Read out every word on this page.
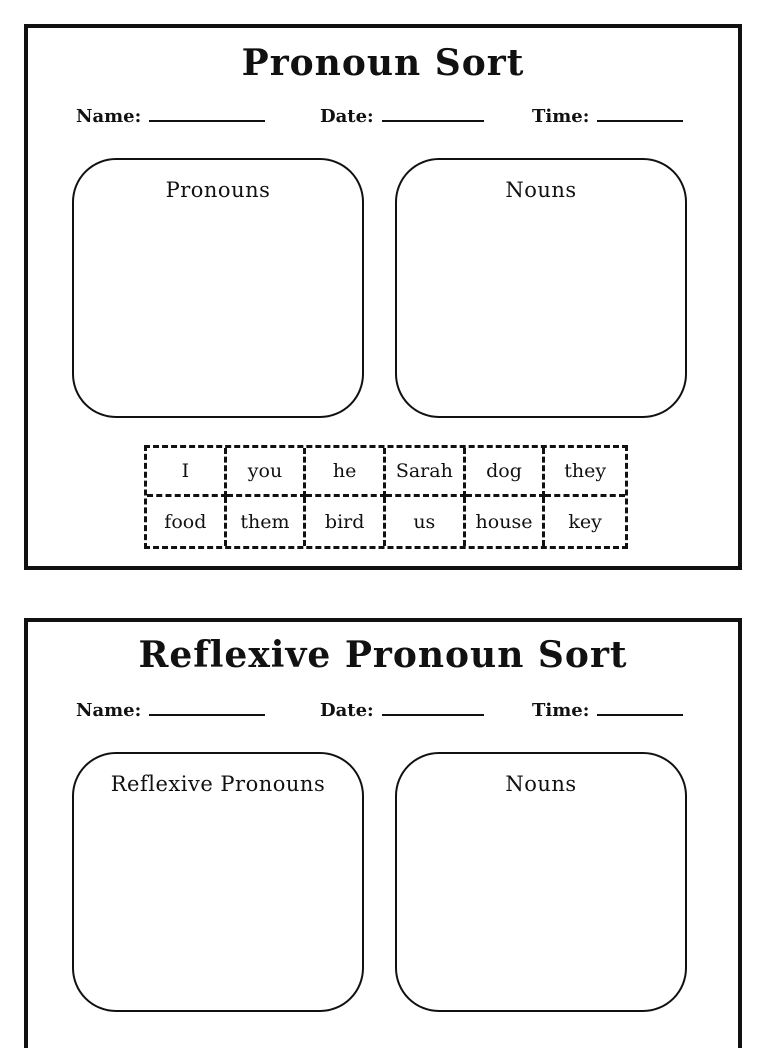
Pronoun Sort
Name:	Date:	Time:
Pronouns	Nouns
I	you	he	Sarah	dog	they
food	them	bird	us	house	key
Reflexive Pronoun Sort
Name:	Date:	Time:
Reflexive Pronouns	Nouns
